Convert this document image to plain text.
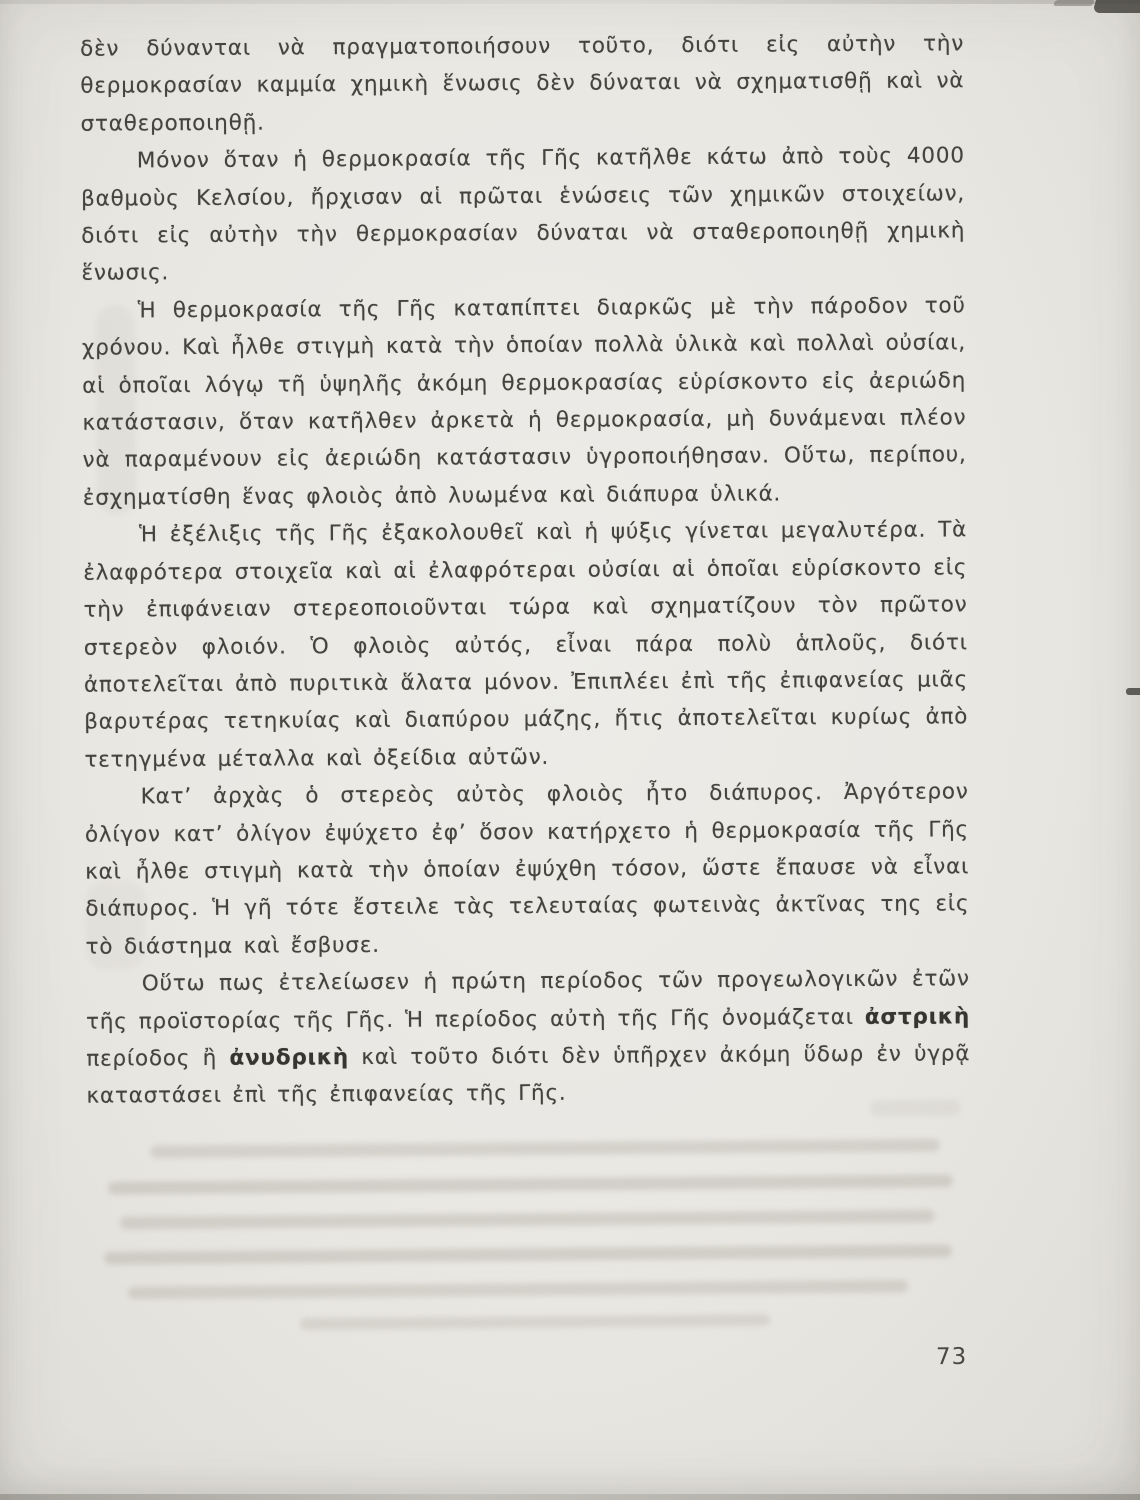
δὲν δύνανται νὰ πραγματοποιήσουν τοῦτο, διότι εἰς αὐτὴν τὴν θερμοκρασίαν καμμία χημικὴ ἕνωσις δὲν δύναται νὰ σχηματισθῇ καὶ νὰ σταθεροποιηθῇ.

Μόνον ὅταν ἡ θερμοκρασία τῆς Γῆς κατῆλθε κάτω ἀπὸ τοὺς 4000 βαθμοὺς Κελσίου, ἤρχισαν αἱ πρῶται ἑνώσεις τῶν χημικῶν στοιχείων, διότι εἰς αὐτὴν τὴν θερμοκρασίαν δύναται νὰ σταθεροποιηθῇ χημικὴ ἕνωσις.

Ἡ θερμοκρασία τῆς Γῆς καταπίπτει διαρκῶς μὲ τὴν πάροδον τοῦ χρόνου. Καὶ ἦλθε στιγμὴ κατὰ τὴν ὁποίαν πολλὰ ὑλικὰ καὶ πολλαὶ οὐσίαι, αἱ ὁποῖαι λόγῳ τῆ ὑψηλῆς ἀκόμη θερμοκρασίας εὑρίσκοντο εἰς ἀεριώδη κατάστασιν, ὅταν κατῆλθεν ἀρκετὰ ἡ θερμοκρασία, μὴ δυνάμεναι πλέον νὰ παραμένουν εἰς ἀεριώδη κατάστασιν ὑγροποιήθησαν. Οὕτω, περίπου, ἐσχηματίσθη ἕνας φλοιὸς ἀπὸ λυωμένα καὶ διάπυρα ὑλικά.

Ἡ ἐξέλιξις τῆς Γῆς ἐξακολουθεῖ καὶ ἡ ψύξις γίνεται μεγαλυτέρα. Τὰ ἐλαφρότερα στοιχεῖα καὶ αἱ ἐλαφρότεραι οὐσίαι αἱ ὁποῖαι εὑρίσκοντο εἰς τὴν ἐπιφάνειαν στερεοποιοῦνται τώρα καὶ σχηματίζουν τὸν πρῶτον στερεὸν φλοιόν. Ὁ φλοιὸς αὐτός, εἶναι πάρα πολὺ ἁπλοῦς, διότι ἀποτελεῖται ἀπὸ πυριτικὰ ἅλατα μόνον. Ἐπιπλέει ἐπὶ τῆς ἐπιφανείας μιᾶς βαρυτέρας τετηκυίας καὶ διαπύρου μάζης, ἥτις ἀποτελεῖται κυρίως ἀπὸ τετηγμένα μέταλλα καὶ ὀξείδια αὐτῶν.

Κατ’ ἀρχὰς ὁ στερεὸς αὐτὸς φλοιὸς ἦτο διάπυρος. Ἀργότερον ὀλίγον κατ’ ὀλίγον ἐψύχετο ἐφ’ ὅσον κατήρχετο ἡ θερμοκρασία τῆς Γῆς καὶ ἦλθε στιγμὴ κατὰ τὴν ὁποίαν ἐψύχθη τόσον, ὥστε ἔπαυσε νὰ εἶναι διάπυρος. Ἡ γῆ τότε ἔστειλε τὰς τελευταίας φωτεινὰς ἀκτῖνας της εἰς τὸ διάστημα καὶ ἔσβυσε.

Οὕτω πως ἐτελείωσεν ἡ πρώτη περίοδος τῶν προγεωλογικῶν ἐτῶν τῆς προϊστορίας τῆς Γῆς. Ἡ περίοδος αὐτὴ τῆς Γῆς ὀνομάζεται ἀστρικὴ περίοδος ἢ ἀνυδρικὴ καὶ τοῦτο διότι δὲν ὑπῆρχεν ἀκόμη ὕδωρ ἐν ὑγρᾷ καταστάσει ἐπὶ τῆς ἐπιφανείας τῆς Γῆς.

73
